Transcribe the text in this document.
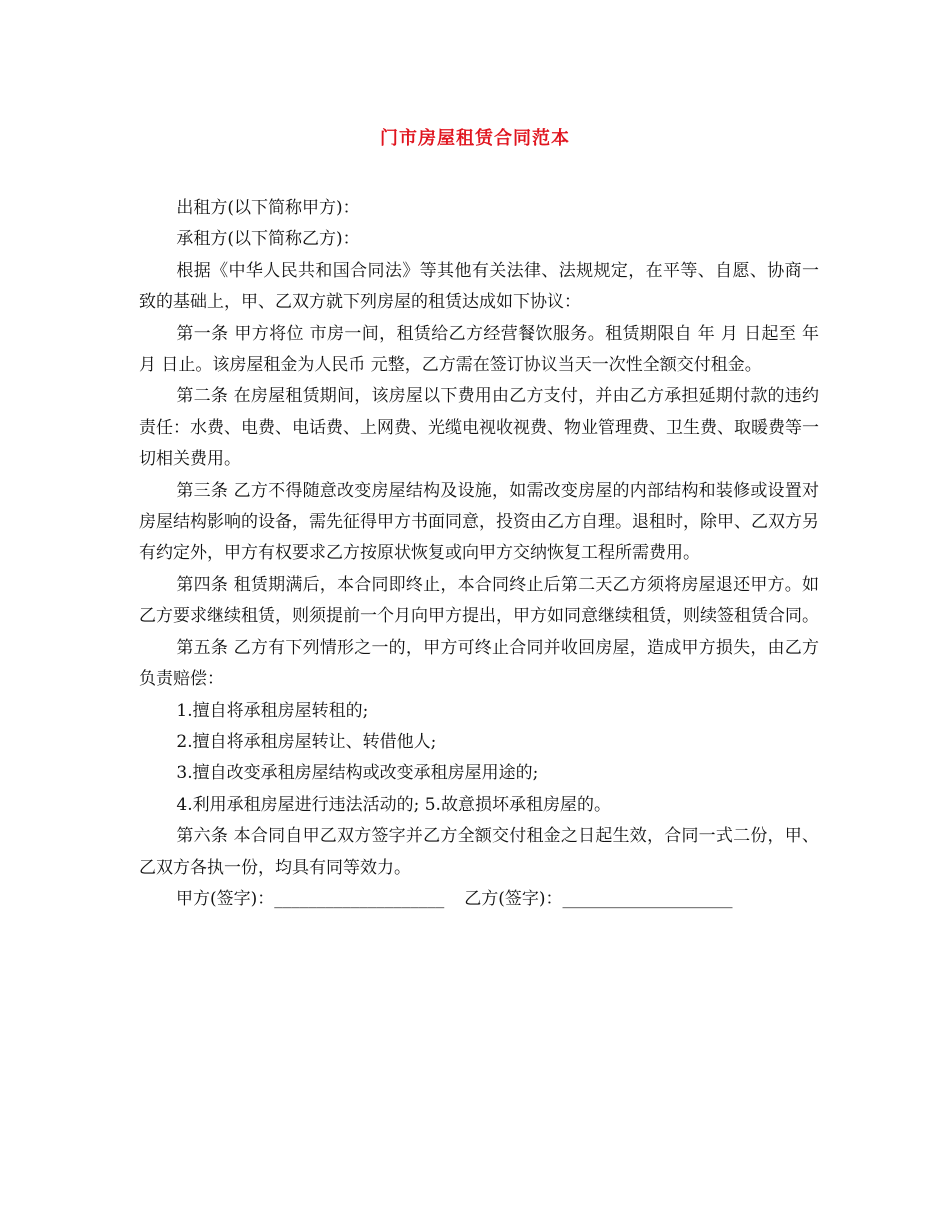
门市房屋租赁合同范本

出租方(以下简称甲方)：

承租方(以下简称乙方)：

根据《中华人民共和国合同法》等其他有关法律、法规规定，在平等、自愿、协商一致的基础上，甲、乙双方就下列房屋的租赁达成如下协议：

第一条 甲方将位 市房一间，租赁给乙方经营餐饮服务。租赁期限自 年 月 日起至 年 月 日止。该房屋租金为人民币 元整，乙方需在签订协议当天一次性全额交付租金。

第二条 在房屋租赁期间，该房屋以下费用由乙方支付，并由乙方承担延期付款的违约责任：水费、电费、电话费、上网费、光缆电视收视费、物业管理费、卫生费、取暖费等一切相关费用。

第三条 乙方不得随意改变房屋结构及设施，如需改变房屋的内部结构和装修或设置对房屋结构影响的设备，需先征得甲方书面同意，投资由乙方自理。退租时，除甲、乙双方另有约定外，甲方有权要求乙方按原状恢复或向甲方交纳恢复工程所需费用。

第四条 租赁期满后，本合同即终止，本合同终止后第二天乙方须将房屋退还甲方。如乙方要求继续租赁，则须提前一个月向甲方提出，甲方如同意继续租赁，则续签租赁合同。

第五条 乙方有下列情形之一的，甲方可终止合同并收回房屋，造成甲方损失，由乙方负责赔偿：

1.擅自将承租房屋转租的;

2.擅自将承租房屋转让、转借他人;

3.擅自改变承租房屋结构或改变承租房屋用途的;

4.利用承租房屋进行违法活动的; 5.故意损坏承租房屋的。

第六条 本合同自甲乙双方签字并乙方全额交付租金之日起生效，合同一式二份，甲、乙双方各执一份，均具有同等效力。

甲方(签字)：____________________ 乙方(签字)：____________________
